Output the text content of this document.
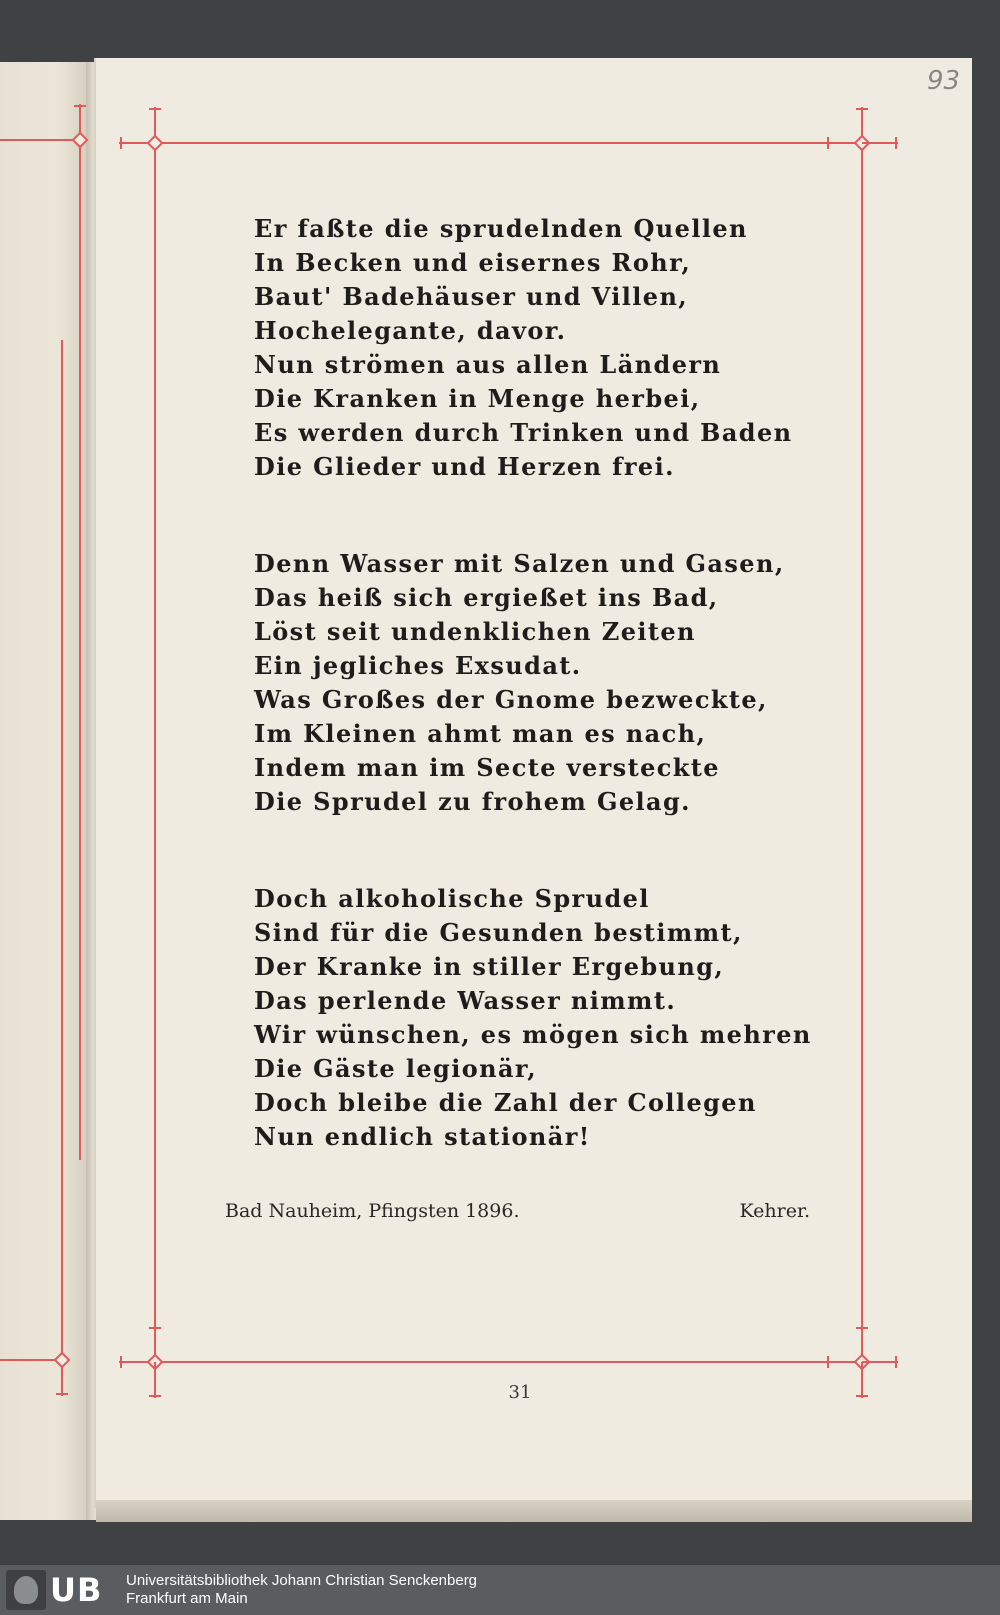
93
Er faßte die sprudelnden Quellen
In Becken und eisernes Rohr,
Baut' Badehäuser und Villen,
Hochelegante, davor.
Nun strömen aus allen Ländern
Die Kranken in Menge herbei,
Es werden durch Trinken und Baden
Die Glieder und Herzen frei.
Denn Wasser mit Salzen und Gasen,
Das heiß sich ergießet ins Bad,
Löst seit undenklichen Zeiten
Ein jegliches Exsudat.
Was Großes der Gnome bezweckte,
Im Kleinen ahmt man es nach,
Indem man im Secte versteckte
Die Sprudel zu frohem Gelag.
Doch alkoholische Sprudel
Sind für die Gesunden bestimmt,
Der Kranke in stiller Ergebung,
Das perlende Wasser nimmt.
Wir wünschen, es mögen sich mehren
Die Gäste legionär,
Doch bleibe die Zahl der Collegen
Nun endlich stationär!
Bad Nauheim, Pfingsten 1896.	Kehrer.
31
UB Universitätsbibliothek Johann Christian Senckenberg
Frankfurt am Main
